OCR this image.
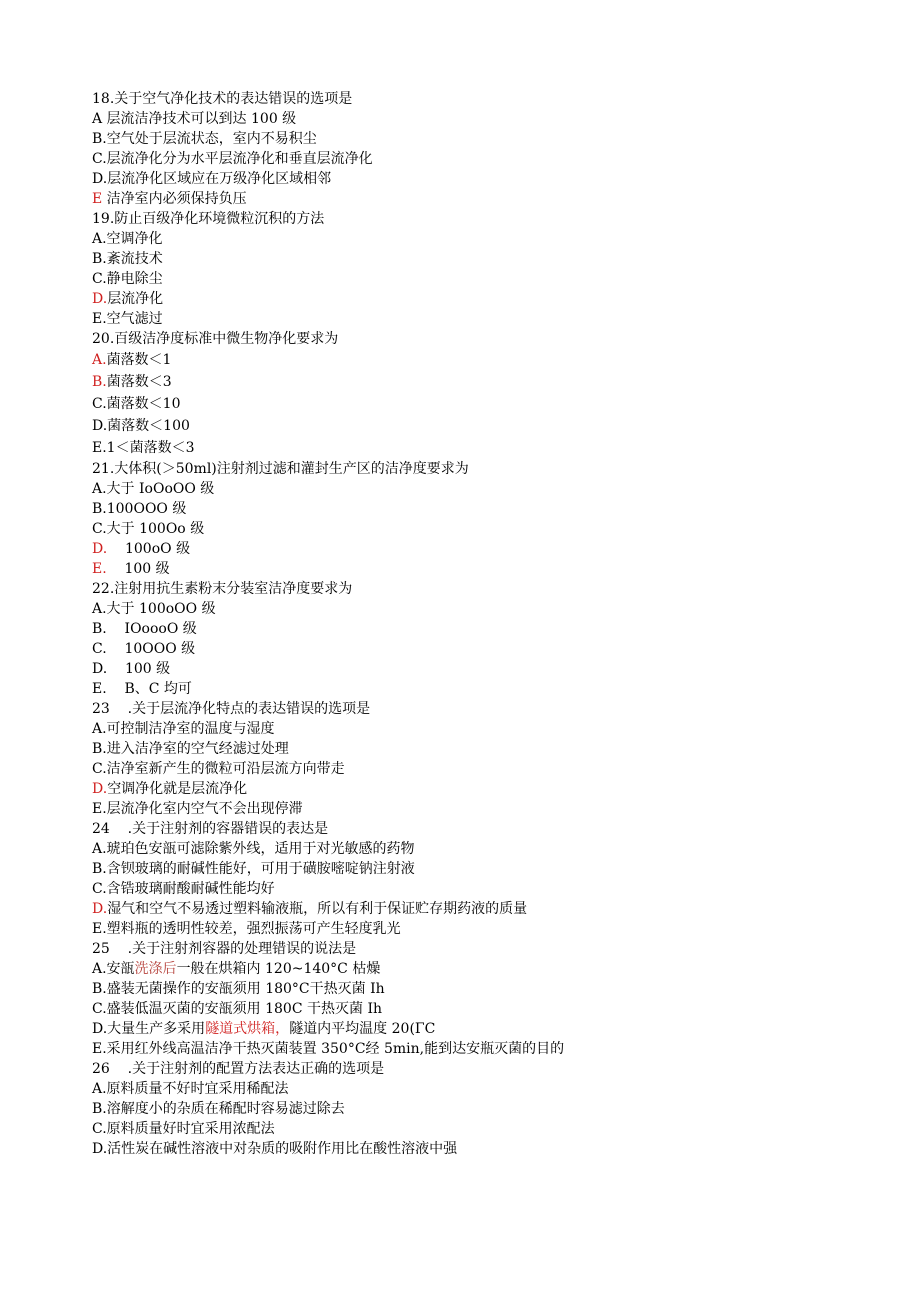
18.关于空气净化技术的表达错误的选项是
A 层流洁净技术可以到达 100 级
B.空气处于层流状态，室内不易积尘
C.层流净化分为水平层流净化和垂直层流净化
D.层流净化区域应在万级净化区域相邻
E 洁净室内必须保持负压
19.防止百级净化环境微粒沉积的方法
A.空调净化
B.紊流技术
C.静电除尘
D.层流净化
E.空气滤过
20.百级洁净度标准中微生物净化要求为
A.菌落数＜1
B.菌落数＜3
C.菌落数＜10
D.菌落数＜100
E.1＜菌落数＜3
21.大体积(＞50ml)注射剂过滤和灌封生产区的洁净度要求为
A.大于 IoOoOO 级
B.100OOO 级
C.大于 100Oo 级
D.    100oO 级
E.    100 级
22.注射用抗生素粉末分装室洁净度要求为
A.大于 100oOO 级
B.    IOoooO 级
C.    10OOO 级
D.    100 级
E.    B、C 均可
23    .关于层流净化特点的表达错误的选项是
A.可控制洁净室的温度与湿度
B.进入洁净室的空气经滤过处理
C.洁净室新产生的微粒可沿层流方向带走
D.空调净化就是层流净化
E.层流净化室内空气不会出现停滞
24    .关于注射剂的容器错误的表达是
A.琥珀色安瓿可滤除紫外线，适用于对光敏感的药物
B.含钡玻璃的耐碱性能好，可用于磺胺嘧啶钠注射液
C.含锆玻璃耐酸耐碱性能均好
D.湿气和空气不易透过塑料输液瓶，所以有利于保证贮存期药液的质量
E.塑料瓶的透明性较差，强烈振荡可产生轻度乳光
25    .关于注射剂容器的处理错误的说法是
A.安瓿洗涤后一般在烘箱内 120~140°C 枯燥
B.盛装无菌操作的安瓿须用 180°C干热灭菌 Ih
C.盛装低温灭菌的安瓿须用 180C 干热灭菌 Ih
D.大量生产多采用隧道式烘箱，隧道内平均温度 20(ΓC
E.采用红外线高温洁净干热灭菌装置 350°C经 5min,能到达安瓶灭菌的目的
26    .关于注射剂的配置方法表达正确的选项是
A.原料质量不好时宜采用稀配法
B.溶解度小的杂质在稀配时容易滤过除去
C.原料质量好时宜采用浓配法
D.活性炭在碱性溶液中对杂质的吸附作用比在酸性溶液中强
